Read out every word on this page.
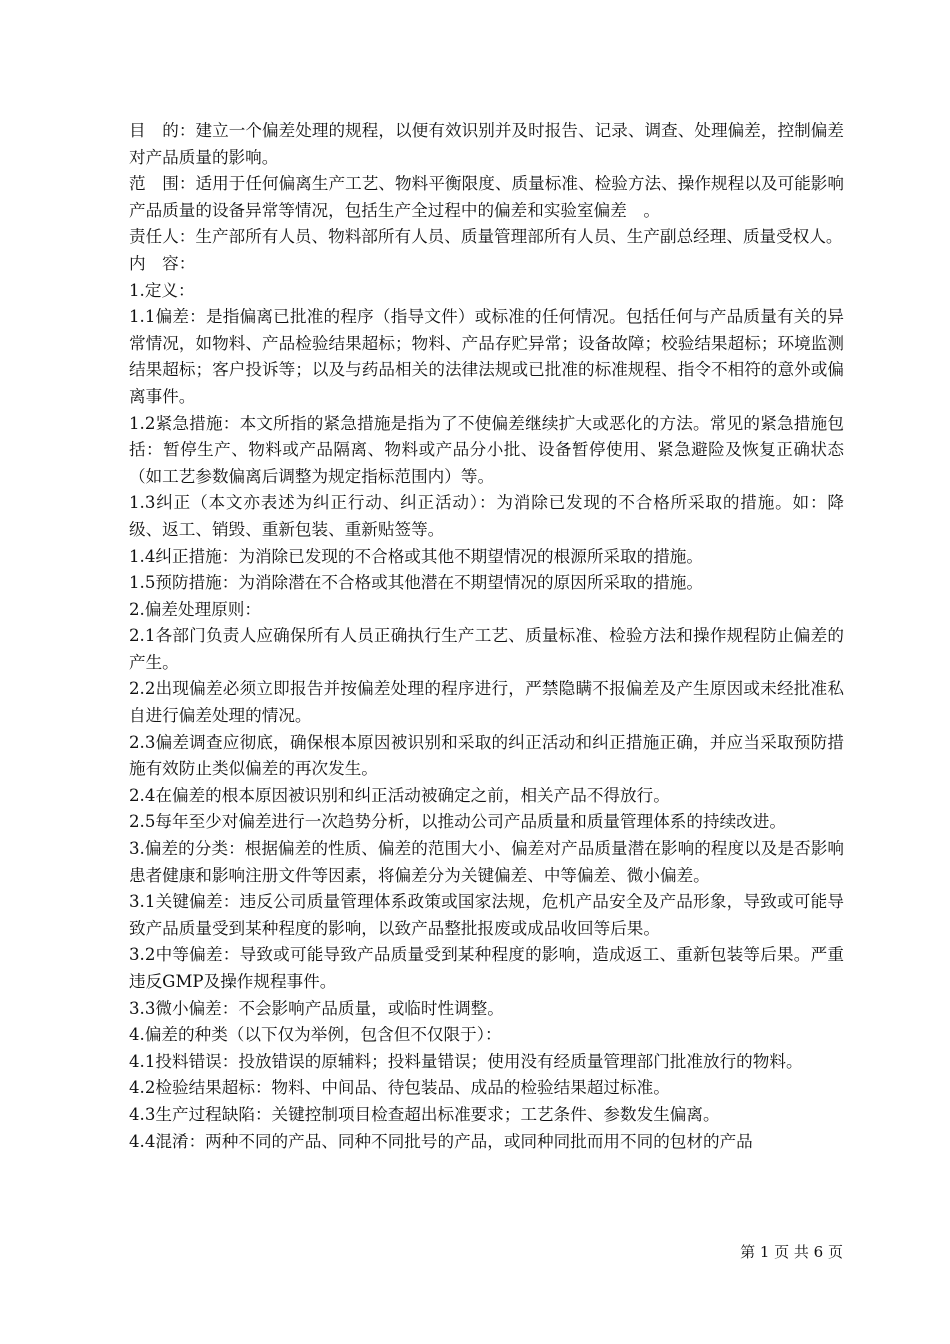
目　的：建立一个偏差处理的规程，以便有效识别并及时报告、记录、调查、处理偏差，控制偏差对产品质量的影响。

范　围：适用于任何偏离生产工艺、物料平衡限度、质量标准、检验方法、操作规程以及可能影响产品质量的设备异常等情况，包括生产全过程中的偏差和实验室偏差　。

责任人：生产部所有人员、物料部所有人员、质量管理部所有人员、生产副总经理、质量受权人。

内　容：

1.定义：

1.1偏差：是指偏离已批准的程序（指导文件）或标准的任何情况。包括任何与产品质量有关的异常情况，如物料、产品检验结果超标；物料、产品存贮异常；设备故障；校验结果超标；环境监测结果超标；客户投诉等；以及与药品相关的法律法规或已批准的标准规程、指令不相符的意外或偏离事件。

1.2紧急措施：本文所指的紧急措施是指为了不使偏差继续扩大或恶化的方法。常见的紧急措施包括：暂停生产、物料或产品隔离、物料或产品分小批、设备暂停使用、紧急避险及恢复正确状态（如工艺参数偏离后调整为规定指标范围内）等。

1.3纠正（本文亦表述为纠正行动、纠正活动）：为消除已发现的不合格所采取的措施。如：降级、返工、销毁、重新包装、重新贴签等。

1.4纠正措施：为消除已发现的不合格或其他不期望情况的根源所采取的措施。

1.5预防措施：为消除潜在不合格或其他潜在不期望情况的原因所采取的措施。

2.偏差处理原则：

2.1各部门负责人应确保所有人员正确执行生产工艺、质量标准、检验方法和操作规程防止偏差的产生。

2.2出现偏差必须立即报告并按偏差处理的程序进行，严禁隐瞒不报偏差及产生原因或未经批准私自进行偏差处理的情况。

2.3偏差调查应彻底，确保根本原因被识别和采取的纠正活动和纠正措施正确，并应当采取预防措施有效防止类似偏差的再次发生。

2.4在偏差的根本原因被识别和纠正活动被确定之前，相关产品不得放行。

2.5每年至少对偏差进行一次趋势分析，以推动公司产品质量和质量管理体系的持续改进。

3.偏差的分类：根据偏差的性质、偏差的范围大小、偏差对产品质量潜在影响的程度以及是否影响患者健康和影响注册文件等因素，将偏差分为关键偏差、中等偏差、微小偏差。

3.1关键偏差：违反公司质量管理体系政策或国家法规，危机产品安全及产品形象，导致或可能导致产品质量受到某种程度的影响，以致产品整批报废或成品收回等后果。

3.2中等偏差：导致或可能导致产品质量受到某种程度的影响，造成返工、重新包装等后果。严重违反GMP及操作规程事件。

3.3微小偏差：不会影响产品质量，或临时性调整。

4.偏差的种类（以下仅为举例，包含但不仅限于）：

4.1投料错误：投放错误的原辅料；投料量错误；使用没有经质量管理部门批准放行的物料。

4.2检验结果超标：物料、中间品、待包装品、成品的检验结果超过标准。

4.3生产过程缺陷：关键控制项目检查超出标准要求；工艺条件、参数发生偏离。

4.4混淆：两种不同的产品、同种不同批号的产品，或同种同批而用不同的包材的产品

第 1 页 共 6 页
